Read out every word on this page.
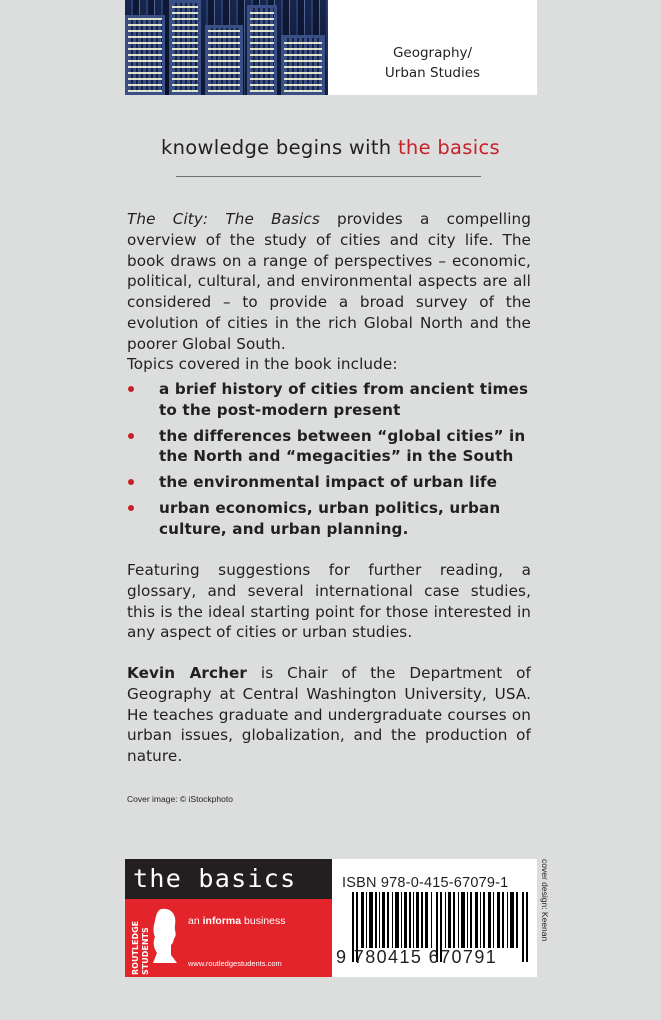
Geography/
Urban Studies
knowledge begins with the basics

The City: The Basics provides a compelling overview of the study of cities and city life. The book draws on a range of perspectives – economic, political, cultural, and environmental aspects are all considered – to provide a broad survey of the evolution of cities in the rich Global North and the poorer Global South.

Topics covered in the book include:

a brief history of cities from ancient times to the post-modern present
the differences between “global cities” in the North and “megacities” in the South
the environmental impact of urban life
urban economics, urban politics, urban culture, and urban planning.

Featuring suggestions for further reading, a glossary, and several international case studies, this is the ideal starting point for those interested in any aspect of cities or urban studies.

Kevin Archer is Chair of the Department of Geography at Central Washington University, USA. He teaches graduate and undergraduate courses on urban issues, globalization, and the production of nature.

Cover image: © iStockphoto
the basics
ROUTLEDGE STUDENTS
an informa business
www.routledgestudents.com
ISBN 978-0-415-67079-1
9 780415 670791
cover design: Keenan
